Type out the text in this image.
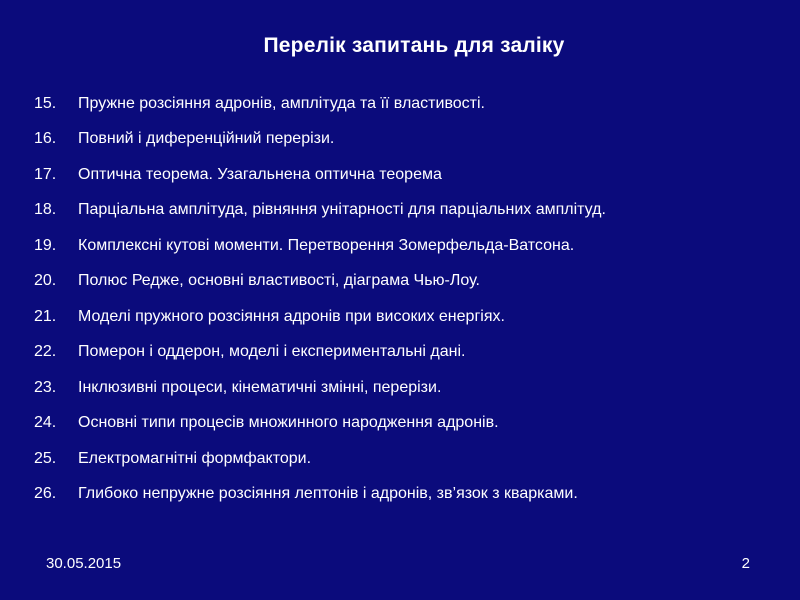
Перелік запитань для заліку
15.	Пружне розсіяння адронів, амплітуда та її властивості.
16.	Повний і диференційний перерізи.
17.	Оптична теорема. Узагальнена оптична теорема
18.	Парціальна амплітуда, рівняння унітарності для парціальних амплітуд.
19.	Комплексні кутові моменти. Перетворення Зомерфельда-Ватсона.
20.	Полюс Редже, основні властивості, діаграма Чью-Лоу.
21.	Моделі пружного розсіяння адронів при високих енергіях.
22.	Померон і оддерон, моделі і експериментальні дані.
23.	Інклюзивні процеси, кінематичні змінні, перерізи.
24.	Основні типи процесів множинного народження адронів.
25.	Електромагнітні формфактори.
26.	Глибоко непружне розсіяння лептонів і адронів, зв’язок з кварками.
30.05.2015	2
